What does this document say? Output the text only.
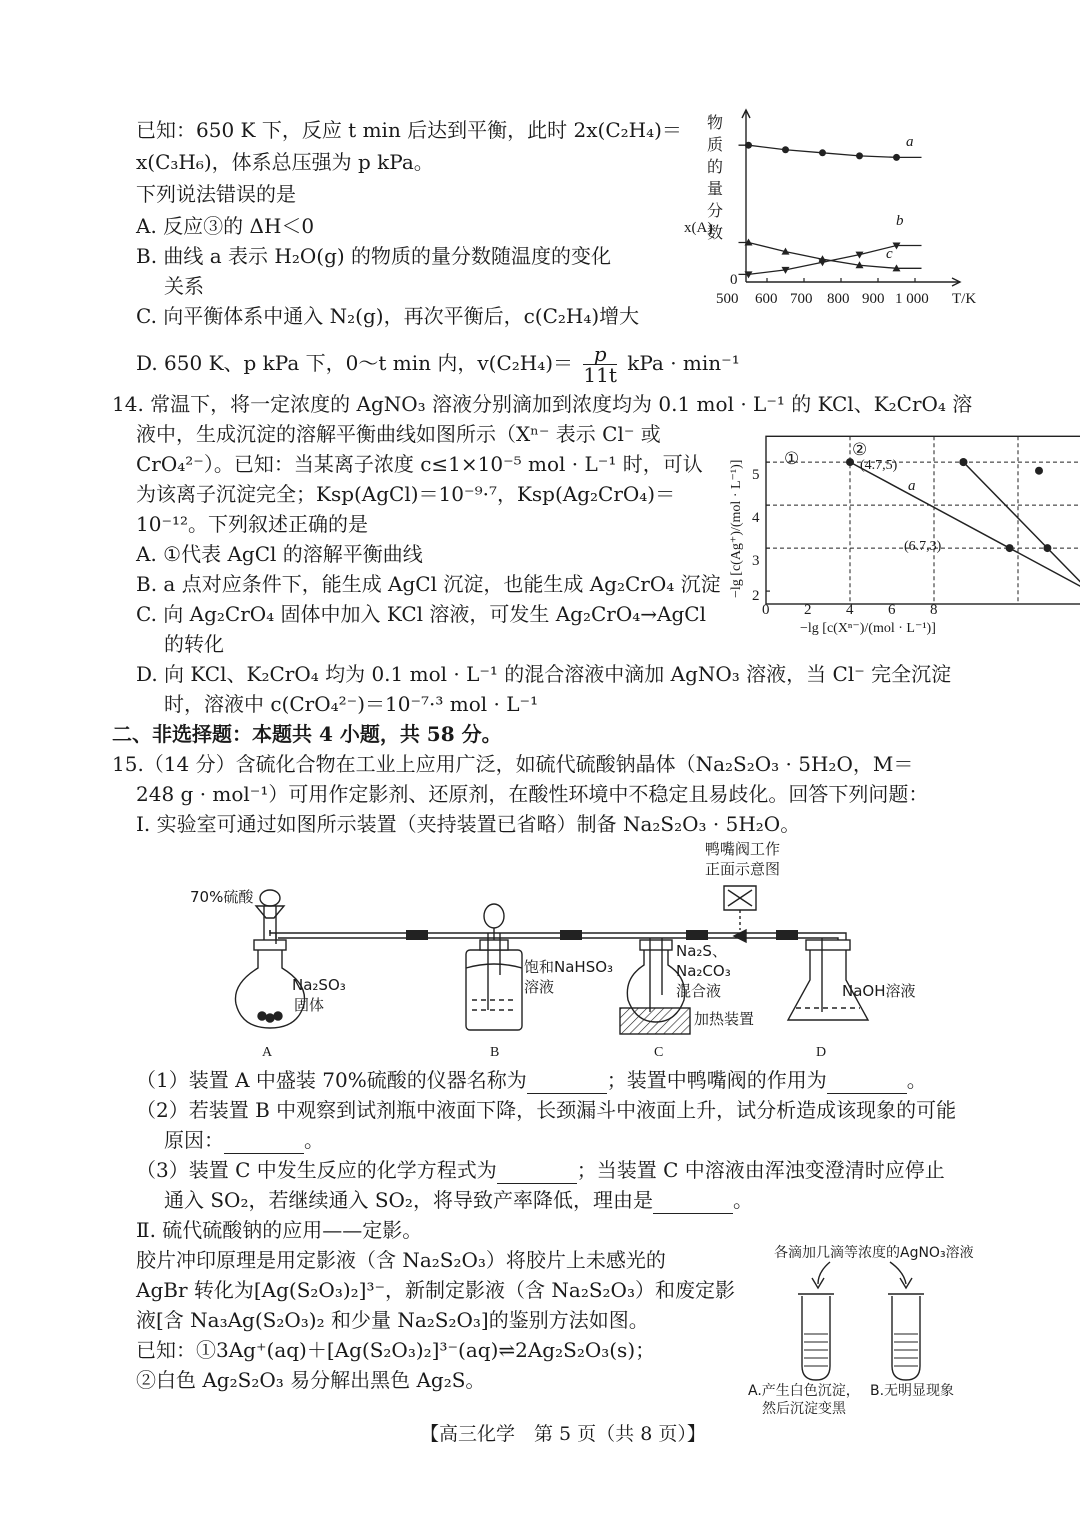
已知：650 K 下，反应 t min 后达到平衡，此时 2x(C₂H₄)＝
x(C₃H₆)，体系总压强为 p kPa。
下列说法错误的是
A. 反应③的 ΔH＜0
B. 曲线 a 表示 H₂O(g) 的物质的量分数随温度的变化
关系
C. 向平衡体系中通入 N₂(g)，再次平衡后，c(C₂H₄)增大
D. 650 K、p kPa 下，0～t min 内，$v(C_2H_4)= \frac{p}{11t}$ kPa · min⁻¹
物
质
的
量
分
数
x(A)
0
500 600 700 800 900 1 000 T/K
a
b
c
14. 常温下，将一定浓度的 AgNO₃ 溶液分别滴加到浓度均为 0.1 mol · L⁻¹ 的 KCl、K₂CrO₄ 溶
液中，生成沉淀的溶解平衡曲线如图所示（Xⁿ⁻ 表示 Cl⁻ 或
CrO₄²⁻）。已知：当某离子浓度 c≤1×10⁻⁵ mol · L⁻¹ 时，可认
为该离子沉淀完全；Ksp(AgCl)＝10⁻⁹·⁷，Ksp(Ag₂CrO₄)＝
10⁻¹²。下列叙述正确的是
A. ①代表 AgCl 的溶解平衡曲线
B. a 点对应条件下，能生成 AgCl 沉淀，也能生成 Ag₂CrO₄ 沉淀
C. 向 Ag₂CrO₄ 固体中加入 KCl 溶液，可发生 Ag₂CrO₄→AgCl
的转化
D. 向 KCl、K₂CrO₄ 均为 0.1 mol · L⁻¹ 的混合溶液中滴加 AgNO₃ 溶液，当 Cl⁻ 完全沉淀
时，溶液中 c(CrO₄²⁻)＝10⁻⁷·³ mol · L⁻¹
−lg [c(Ag⁺)/(mol · L⁻¹)]
−lg [c(Xⁿ⁻)/(mol · L⁻¹)]
5
4
3
2
0 2 4 6 8
①	②
(4.7,5)
(6.7,3)
a
二、非选择题：本题共 4 小题，共 58 分。
15.（14 分）含硫化合物在工业上应用广泛，如硫代硫酸钠晶体（Na₂S₂O₃ · 5H₂O，M＝
248 g · mol⁻¹）可用作定影剂、还原剂，在酸性环境中不稳定且易歧化。回答下列问题：
Ⅰ. 实验室可通过如图所示装置（夹持装置已省略）制备 Na₂S₂O₃ · 5H₂O。
鸭嘴阀工作
正面示意图
70%硫酸
Na₂SO₃
固体
饱和NaHSO₃
溶液
Na₂S、
Na₂CO₃
混合液
加热装置
NaOH溶液
A	B	C	D
（1）装置 A 中盛装 70%硫酸的仪器名称为	；装置中鸭嘴阀的作用为	。
（2）若装置 B 中观察到试剂瓶中液面下降，长颈漏斗中液面上升，试分析造成该现象的可能
原因：	。
（3）装置 C 中发生反应的化学方程式为	；当装置 C 中溶液由浑浊变澄清时应停止
通入 SO₂，若继续通入 SO₂，将导致产率降低，理由是	。
Ⅱ. 硫代硫酸钠的应用——定影。
胶片冲印原理是用定影液（含 Na₂S₂O₃）将胶片上未感光的
AgBr 转化为[Ag(S₂O₃)₂]³⁻，新制定影液（含 Na₂S₂O₃）和废定影
液[含 Na₃Ag(S₂O₃)₂ 和少量 Na₂S₂O₃]的鉴别方法如图。
已知：①3Ag⁺(aq)＋[Ag(S₂O₃)₂]³⁻(aq)⇌2Ag₂S₂O₃(s)；
②白色 Ag₂S₂O₃ 易分解出黑色 Ag₂S。
各滴加几滴等浓度的AgNO₃溶液
A.产生白色沉淀，
然后沉淀变黑
B.无明显现象
【高三化学　第 5 页（共 8 页）】
